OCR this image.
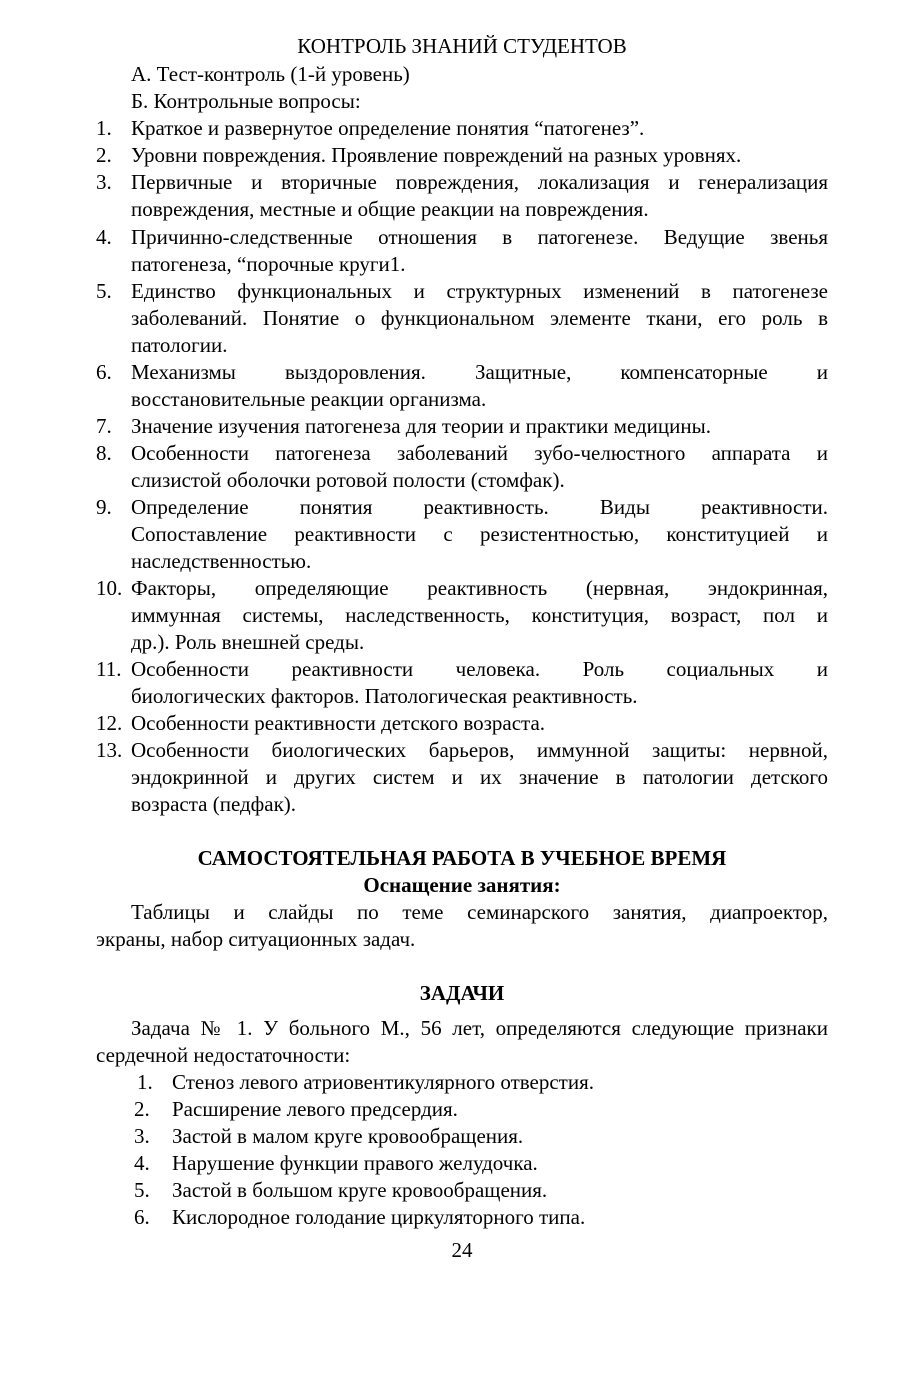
КОНТРОЛЬ ЗНАНИЙ СТУДЕНТОВ
А. Тест-контроль (1-й уровень)
Б. Контрольные вопросы:
1. Краткое и развернутое определение понятия “патогенез”.
2. Уровни повреждения. Проявление повреждений на разных уровнях.
3. Первичные и вторичные повреждения, локализация и генерализация
повреждения, местные и общие реакции на повреждения.
4. Причинно-следственные отношения в патогенезе. Ведущие звенья
патогенеза, “порочные круги1.
5. Единство функциональных и структурных изменений в патогенезе
заболеваний. Понятие о функциональном элементе ткани, его роль в
патологии.
6. Механизмы выздоровления. Защитные, компенсаторные и
восстановительные реакции организма.
7. Значение изучения патогенеза для теории и практики медицины.
8. Особенности патогенеза заболеваний зубо-челюстного аппарата и
слизистой оболочки ротовой полости (стомфак).
9. Определение понятия реактивность. Виды реактивности.
Сопоставление реактивности с резистентностью, конституцией и
наследственностью.
10. Факторы, определяющие реактивность (нервная, эндокринная,
иммунная системы, наследственность, конституция, возраст, пол и
др.). Роль внешней среды.
11. Особенности реактивности человека. Роль социальных и
биологических факторов. Патологическая реактивность.
12. Особенности реактивности детского возраста.
13. Особенности биологических барьеров, иммунной защиты: нервной,
эндокринной и других систем и их значение в патологии детского
возраста (педфак).
САМОСТОЯТЕЛЬНАЯ РАБОТА В УЧЕБНОЕ ВРЕМЯ
Оснащение занятия:
Таблицы и слайды по теме семинарского занятия, диапроектор,
экраны, набор ситуационных задач.
ЗАДАЧИ
Задача № 1. У больного М., 56 лет, определяются следующие признаки
сердечной недостаточности:
1. Стеноз левого атриовентикулярного отверстия.
2. Расширение левого предсердия.
3. Застой в малом круге кровообращения.
4. Нарушение функции правого желудочка.
5. Застой в большом круге кровообращения.
6. Кислородное голодание циркуляторного типа.
24
